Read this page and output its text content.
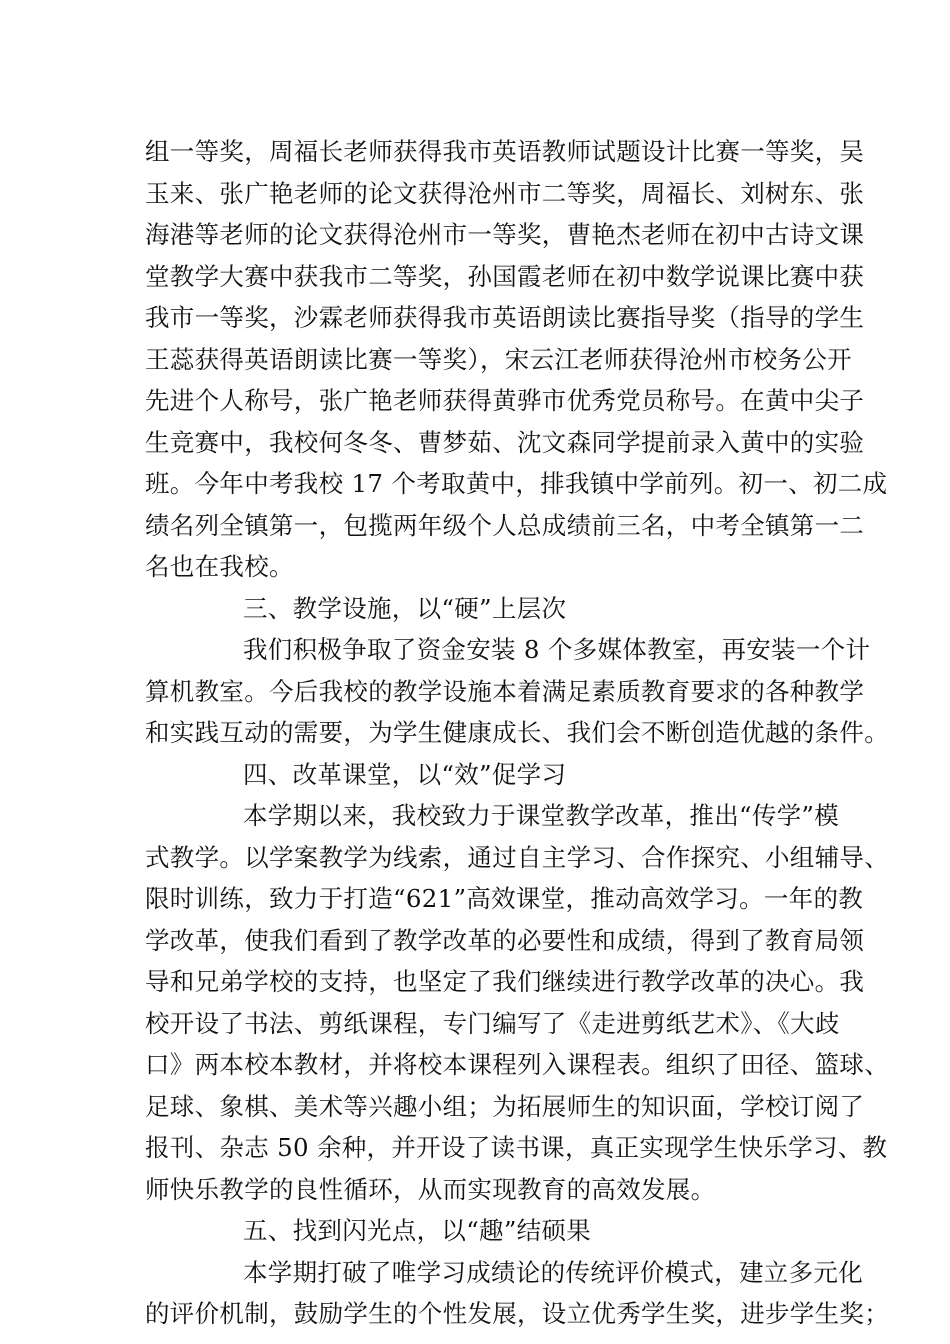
组一等奖，周福长老师获得我市英语教师试题设计比赛一等奖，吴
玉来、张广艳老师的论文获得沧州市二等奖，周福长、刘树东、张
海港等老师的论文获得沧州市一等奖，曹艳杰老师在初中古诗文课
堂教学大赛中获我市二等奖，孙国霞老师在初中数学说课比赛中获
我市一等奖，沙霖老师获得我市英语朗读比赛指导奖（指导的学生
王蕊获得英语朗读比赛一等奖），宋云江老师获得沧州市校务公开
先进个人称号，张广艳老师获得黄骅市优秀党员称号。在黄中尖子
生竞赛中，我校何冬冬、曹梦茹、沈文森同学提前录入黄中的实验
班。今年中考我校 17 个考取黄中，排我镇中学前列。初一、初二成
绩名列全镇第一，包揽两年级个人总成绩前三名，中考全镇第一二
名也在我校。
三、教学设施，以“硬”上层次
我们积极争取了资金安装 8 个多媒体教室，再安装一个计
算机教室。今后我校的教学设施本着满足素质教育要求的各种教学
和实践互动的需要，为学生健康成长、我们会不断创造优越的条件。
四、改革课堂，以“效”促学习
本学期以来，我校致力于课堂教学改革，推出“传学”模
式教学。以学案教学为线索，通过自主学习、合作探究、小组辅导、
限时训练，致力于打造“621”高效课堂，推动高效学习。一年的教
学改革，使我们看到了教学改革的必要性和成绩，得到了教育局领
导和兄弟学校的支持，也坚定了我们继续进行教学改革的决心。我
校开设了书法、剪纸课程，专门编写了《走进剪纸艺术》、《大歧
口》两本校本教材，并将校本课程列入课程表。组织了田径、篮球、
足球、象棋、美术等兴趣小组；为拓展师生的知识面，学校订阅了
报刊、杂志 50 余种，并开设了读书课，真正实现学生快乐学习、教
师快乐教学的良性循环，从而实现教育的高效发展。
五、找到闪光点，以“趣”结硕果
本学期打破了唯学习成绩论的传统评价模式，建立多元化
的评价机制，鼓励学生的个性发展，设立优秀学生奖，进步学生奖；
